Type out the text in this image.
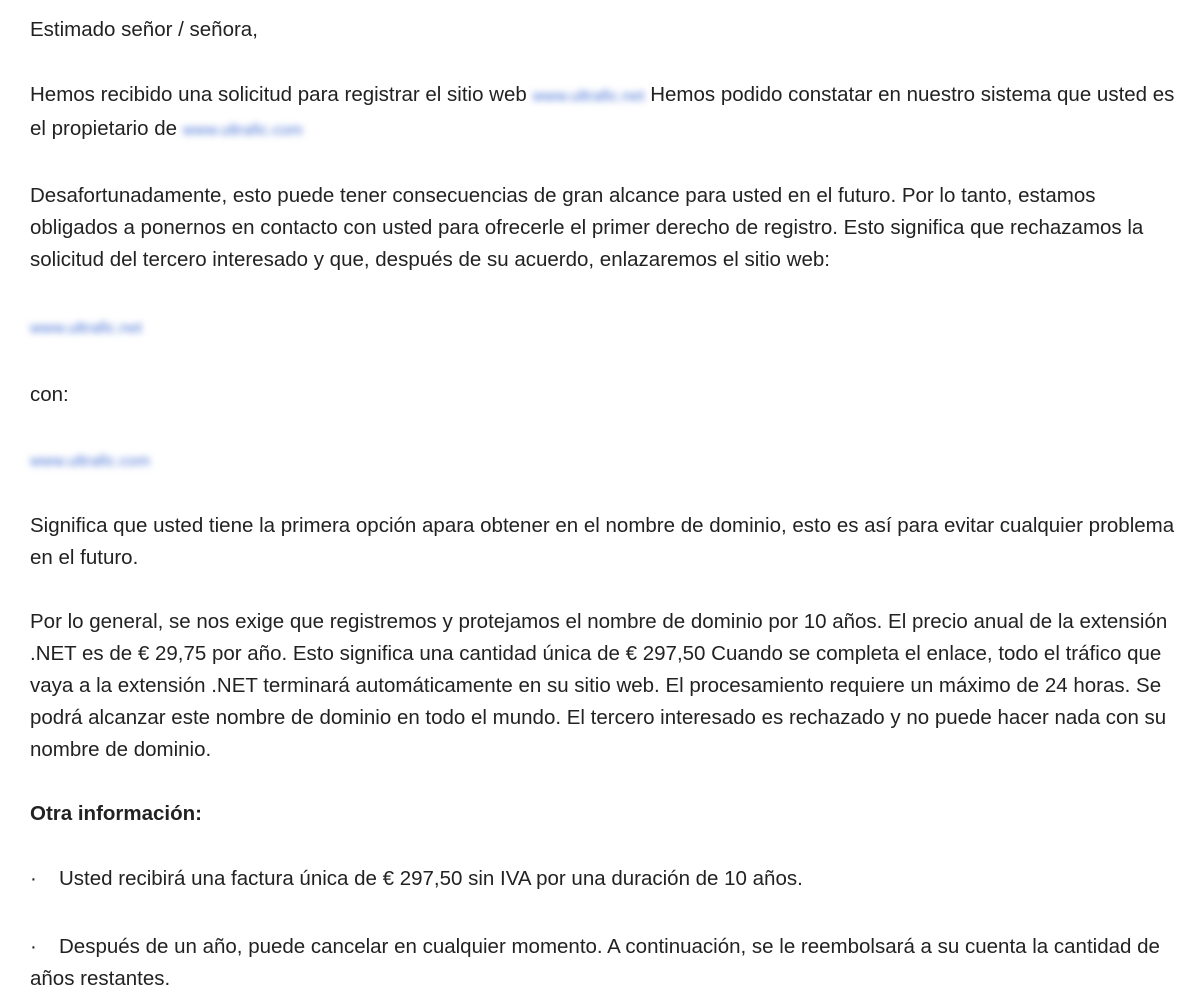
Estimado señor / señora,

Hemos recibido una solicitud para registrar el sitio web www.ultrafic.net Hemos podido constatar en nuestro sistema que usted es el propietario de www.ultrafic.com

Desafortunadamente, esto puede tener consecuencias de gran alcance para usted en el futuro. Por lo tanto, estamos obligados a ponernos en contacto con usted para ofrecerle el primer derecho de registro. Esto significa que rechazamos la solicitud del tercero interesado y que, después de su acuerdo, enlazaremos el sitio web:

www.ultrafic.net

con:

www.ultrafic.com

Significa que usted tiene la primera opción apara obtener en el nombre de dominio, esto es así para evitar cualquier problema en el futuro.

Por lo general, se nos exige que registremos y protejamos el nombre de dominio por 10 años. El precio anual de la extensión .NET es de € 29,75 por año. Esto significa una cantidad única de € 297,50 Cuando se completa el enlace, todo el tráfico que vaya a la extensión .NET terminará automáticamente en su sitio web. El procesamiento requiere un máximo de 24 horas. Se podrá alcanzar este nombre de dominio en todo el mundo. El tercero interesado es rechazado y no puede hacer nada con su nombre de dominio.

Otra información:

· Usted recibirá una factura única de € 297,50 sin IVA por una duración de 10 años.

· Después de un año, puede cancelar en cualquier momento. A continuación, se le reembolsará a su cuenta la cantidad de años restantes.
